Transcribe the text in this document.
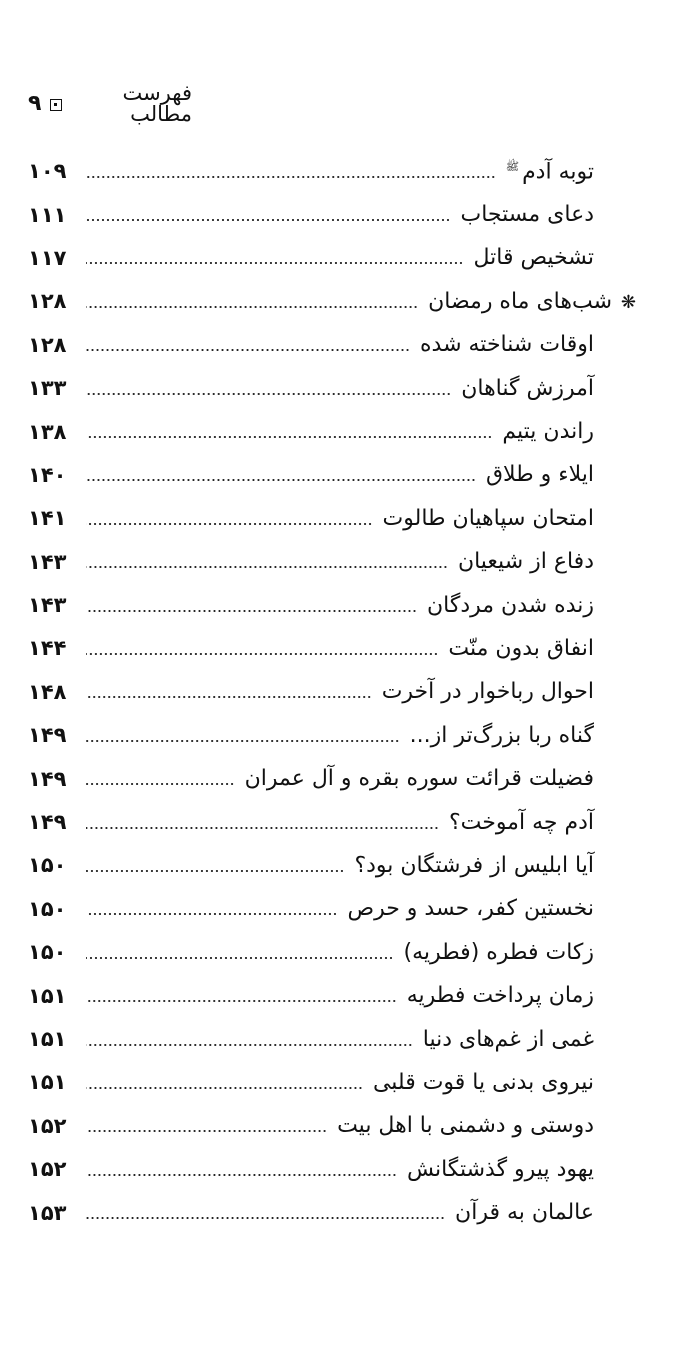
فهرست مطالب
۹
توبه آدم$^ﷺ$
۱۰۹
دعای مستجاب
۱۱۱
تشخیص قاتل
۱۱۷
❋
شب‌های ماه رمضان
۱۲۸
اوقات شناخته شده
۱۲۸
آمرزش گناهان
۱۳۳
راندن یتیم
۱۳۸
ایلاء و طلاق
۱۴۰
امتحان سپاهیان طالوت
۱۴۱
دفاع از شیعیان
۱۴۳
زنده شدن مردگان
۱۴۳
انفاق بدون منّت
۱۴۴
احوال رباخوار در آخرت
۱۴۸
گناه ربا بزرگ‌تر از...
۱۴۹
فضیلت قرائت سوره بقره و آل عمران
۱۴۹
آدم چه آموخت؟
۱۴۹
آیا ابلیس از فرشتگان بود؟
۱۵۰
نخستین کفر، حسد و حرص
۱۵۰
زکات فطره (فطریه)
۱۵۰
زمان پرداخت فطریه
۱۵۱
غمی از غم‌های دنیا
۱۵۱
نیروی بدنی یا قوت قلبی
۱۵۱
دوستی و دشمنی با اهل بیت
۱۵۲
یهود پیرو گذشتگانش
۱۵۲
عالمان به قرآن
۱۵۳
